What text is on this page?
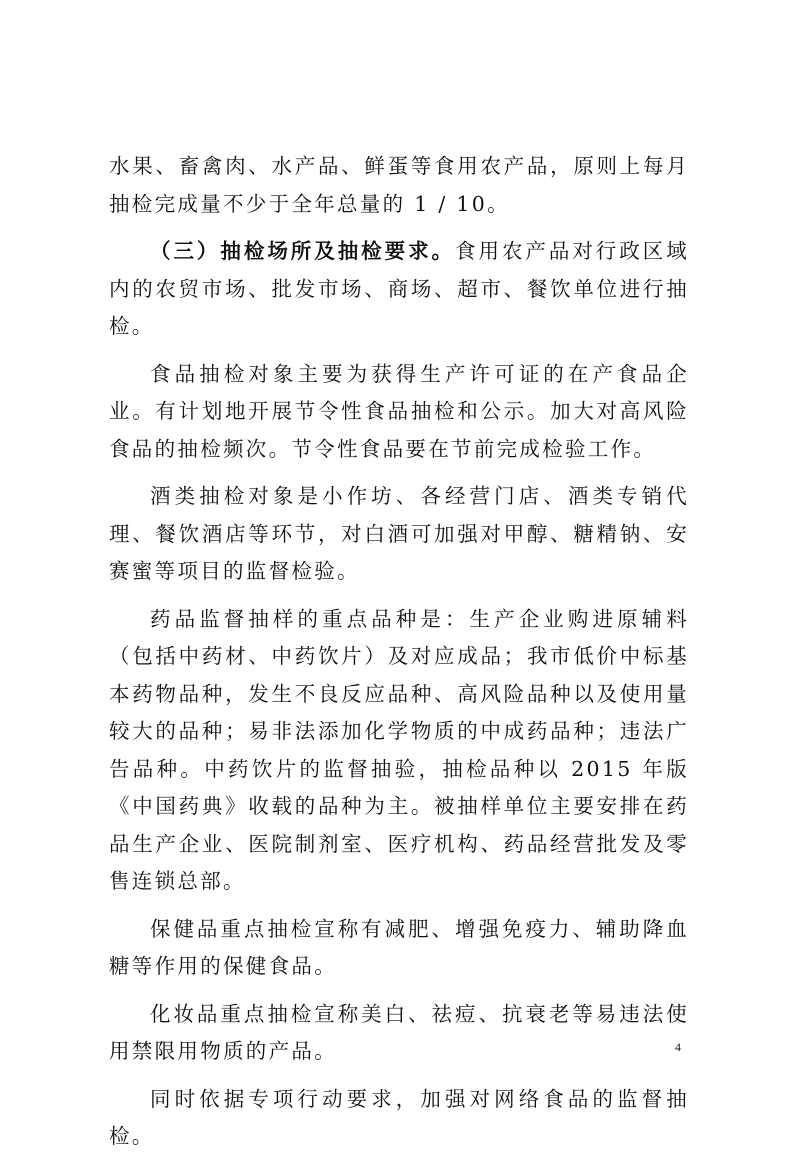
水果、畜禽肉、水产品、鲜蛋等食用农产品，原则上每月抽检完成量不少于全年总量的 1 / 10。

（三）抽检场所及抽检要求。食用农产品对行政区域内的农贸市场、批发市场、商场、超市、餐饮单位进行抽检。

食品抽检对象主要为获得生产许可证的在产食品企业。有计划地开展节令性食品抽检和公示。加大对高风险食品的抽检频次。节令性食品要在节前完成检验工作。

酒类抽检对象是小作坊、各经营门店、酒类专销代理、餐饮酒店等环节，对白酒可加强对甲醇、糖精钠、安赛蜜等项目的监督检验。

药品监督抽样的重点品种是：生产企业购进原辅料（包括中药材、中药饮片）及对应成品；我市低价中标基本药物品种，发生不良反应品种、高风险品种以及使用量较大的品种；易非法添加化学物质的中成药品种；违法广告品种。中药饮片的监督抽验，抽检品种以 2015 年版《中国药典》收载的品种为主。被抽样单位主要安排在药品生产企业、医院制剂室、医疗机构、药品经营批发及零售连锁总部。

保健品重点抽检宣称有减肥、增强免疫力、辅助降血糖等作用的保健食品。

化妆品重点抽检宣称美白、祛痘、抗衰老等易违法使用禁限用物质的产品。

同时依据专项行动要求，加强对网络食品的监督抽检。

4
